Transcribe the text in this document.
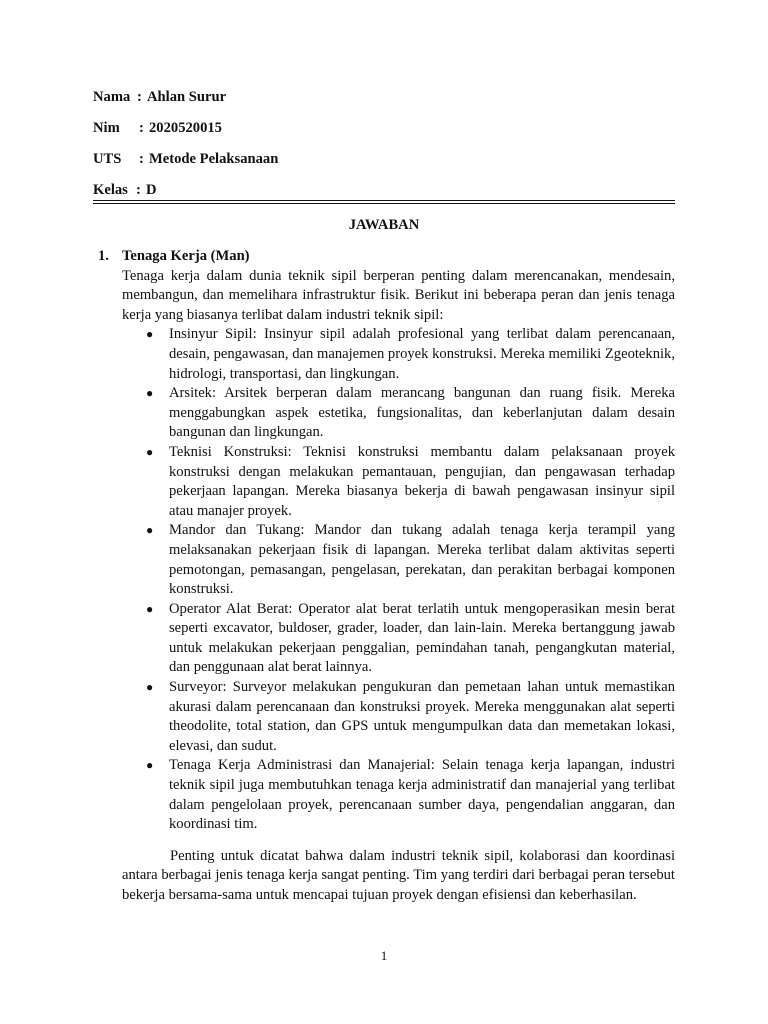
Nama : Ahlan Surur
Nim	: 2020520015
UTS	: Metode Pelaksanaan
Kelas : D
JAWABAN
1. Tenaga Kerja (Man)

Tenaga kerja dalam dunia teknik sipil berperan penting dalam merencanakan, mendesain, membangun, dan memelihara infrastruktur fisik. Berikut ini beberapa peran dan jenis tenaga kerja yang biasanya terlibat dalam industri teknik sipil:

● Insinyur Sipil: Insinyur sipil adalah profesional yang terlibat dalam perencanaan, desain, pengawasan, dan manajemen proyek konstruksi. Mereka memiliki Zgeoteknik, hidrologi, transportasi, dan lingkungan.
● Arsitek: Arsitek berperan dalam merancang bangunan dan ruang fisik. Mereka menggabungkan aspek estetika, fungsionalitas, dan keberlanjutan dalam desain bangunan dan lingkungan.
● Teknisi Konstruksi: Teknisi konstruksi membantu dalam pelaksanaan proyek konstruksi dengan melakukan pemantauan, pengujian, dan pengawasan terhadap pekerjaan lapangan. Mereka biasanya bekerja di bawah pengawasan insinyur sipil atau manajer proyek.
● Mandor dan Tukang: Mandor dan tukang adalah tenaga kerja terampil yang melaksanakan pekerjaan fisik di lapangan. Mereka terlibat dalam aktivitas seperti pemotongan, pemasangan, pengelasan, perekatan, dan perakitan berbagai komponen konstruksi.
● Operator Alat Berat: Operator alat berat terlatih untuk mengoperasikan mesin berat seperti excavator, buldoser, grader, loader, dan lain-lain. Mereka bertanggung jawab untuk melakukan pekerjaan penggalian, pemindahan tanah, pengangkutan material, dan penggunaan alat berat lainnya.
● Surveyor: Surveyor melakukan pengukuran dan pemetaan lahan untuk memastikan akurasi dalam perencanaan dan konstruksi proyek. Mereka menggunakan alat seperti theodolite, total station, dan GPS untuk mengumpulkan data dan memetakan lokasi, elevasi, dan sudut.
● Tenaga Kerja Administrasi dan Manajerial: Selain tenaga kerja lapangan, industri teknik sipil juga membutuhkan tenaga kerja administratif dan manajerial yang terlibat dalam pengelolaan proyek, perencanaan sumber daya, pengendalian anggaran, dan koordinasi tim.

Penting untuk dicatat bahwa dalam industri teknik sipil, kolaborasi dan koordinasi antara berbagai jenis tenaga kerja sangat penting. Tim yang terdiri dari berbagai peran tersebut bekerja bersama-sama untuk mencapai tujuan proyek dengan efisiensi dan keberhasilan.

1
